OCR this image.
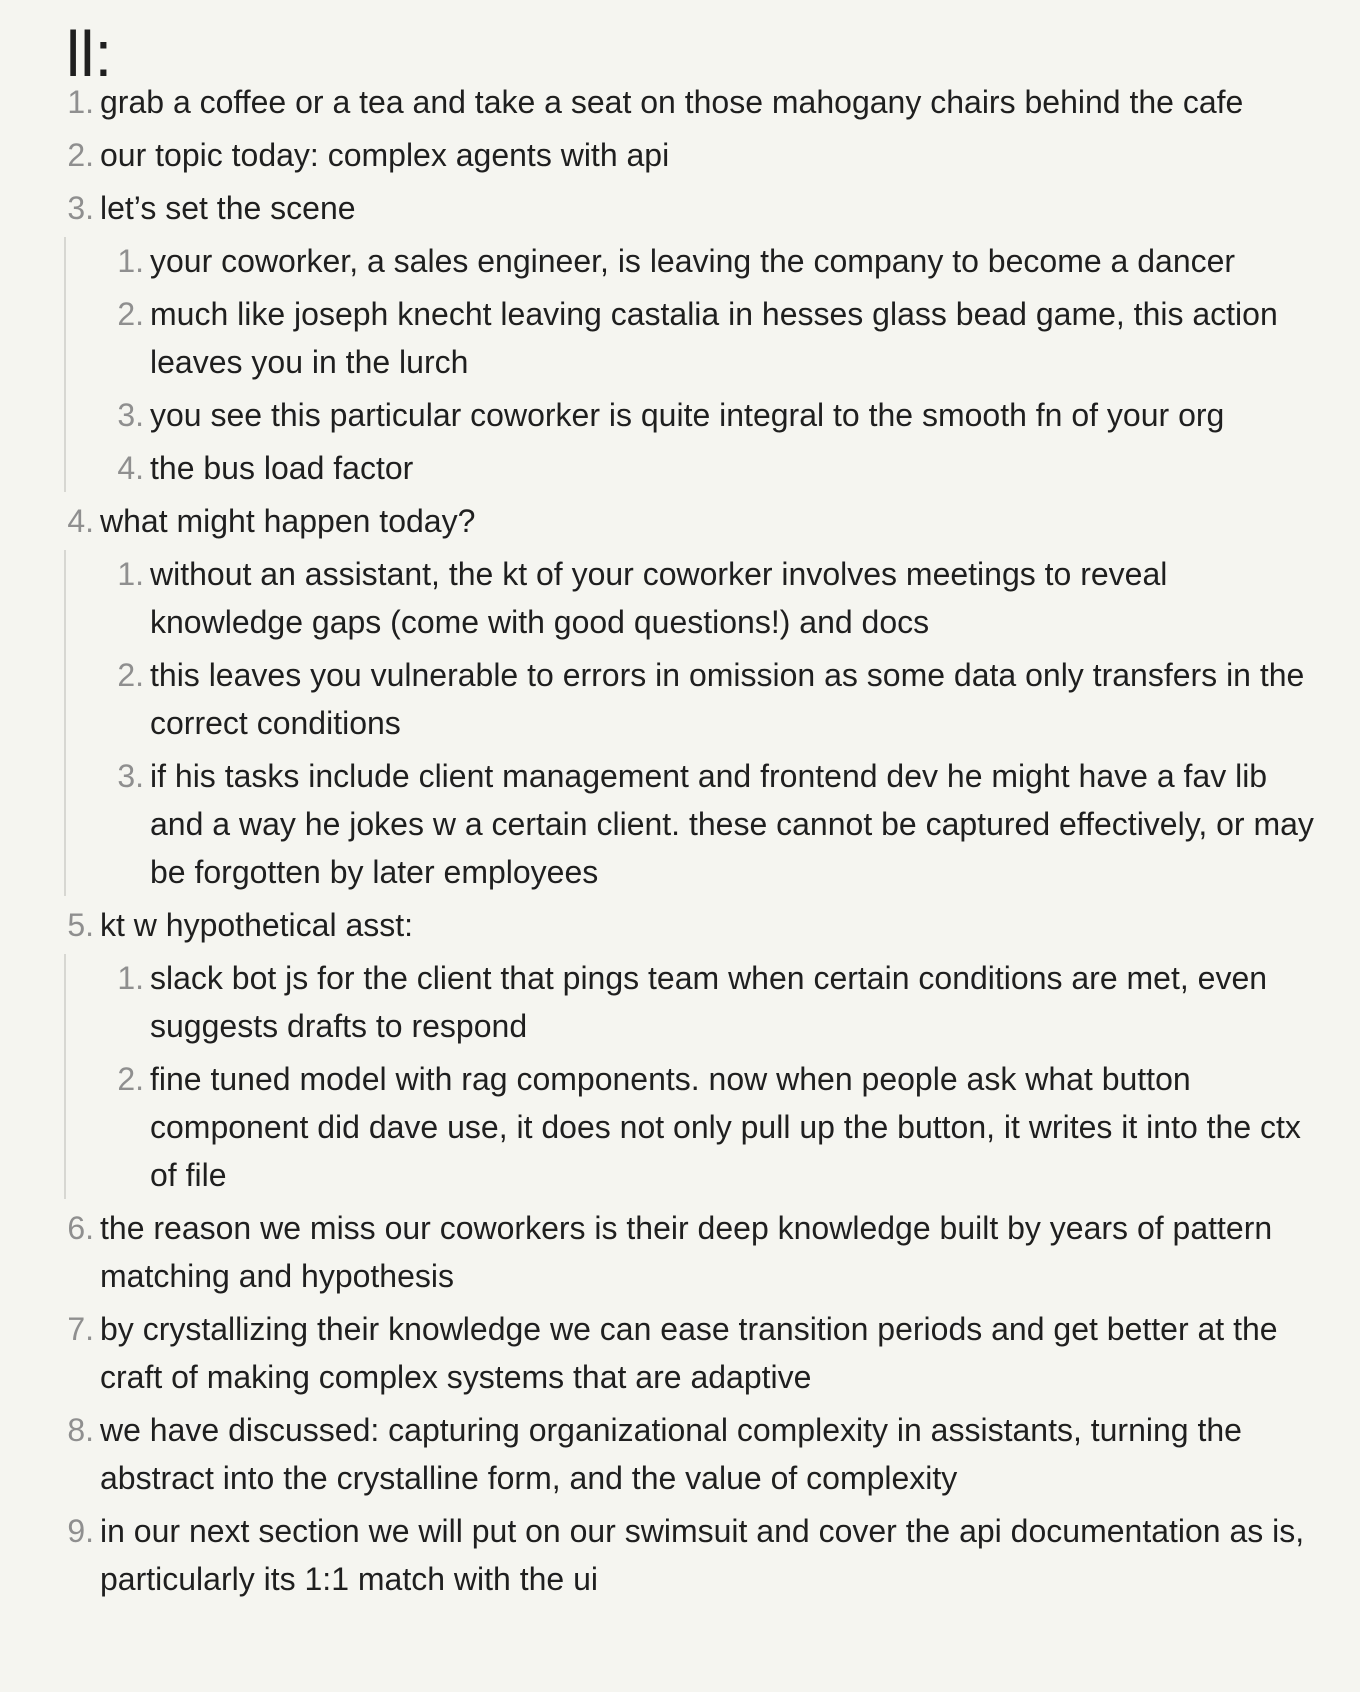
ll:
1. grab a coffee or a tea and take a seat on those mahogany chairs behind the cafe
2. our topic today: complex agents with api
3. let’s set the scene
1. your coworker, a sales engineer, is leaving the company to become a dancer
2. much like joseph knecht leaving castalia in hesses glass bead game, this action leaves you in the lurch
3. you see this particular coworker is quite integral to the smooth fn of your org
4. the bus load factor
4. what might happen today?
1. without an assistant, the kt of your coworker involves meetings to reveal knowledge gaps (come with good questions!) and docs
2. this leaves you vulnerable to errors in omission as some data only transfers in the correct conditions
3. if his tasks include client management and frontend dev he might have a fav lib and a way he jokes w a certain client. these cannot be captured effectively, or may be forgotten by later employees
5. kt w hypothetical asst:
1. slack bot js for the client that pings team when certain conditions are met, even suggests drafts to respond
2. fine tuned model with rag components. now when people ask what button component did dave use, it does not only pull up the button, it writes it into the ctx of file
6. the reason we miss our coworkers is their deep knowledge built by years of pattern matching and hypothesis
7. by crystallizing their knowledge we can ease transition periods and get better at the craft of making complex systems that are adaptive
8. we have discussed: capturing organizational complexity in assistants, turning the abstract into the crystalline form, and the value of complexity
9. in our next section we will put on our swimsuit and cover the api documentation as is, particularly its 1:1 match with the ui
